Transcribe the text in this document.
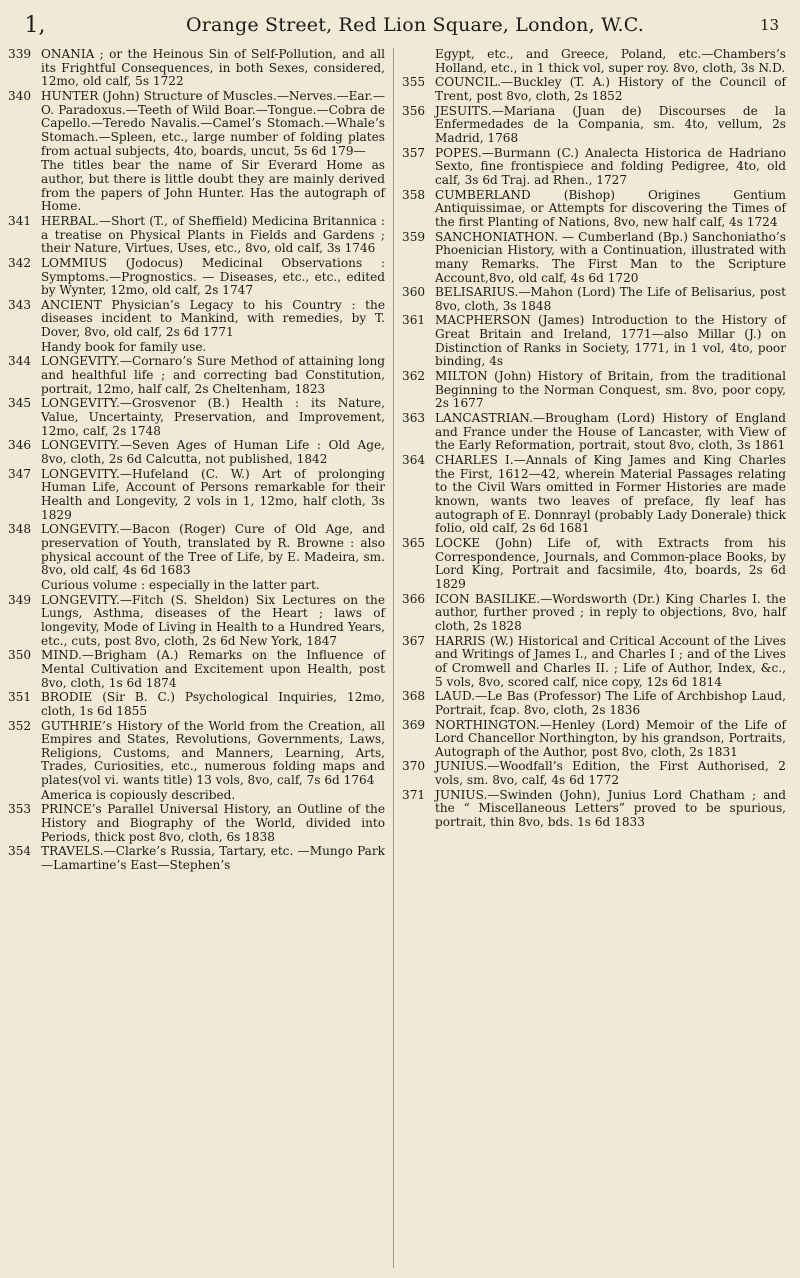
1,	Orange Street, Red Lion Square, London, W.C.	13
339 ONANIA ; or the Heinous Sin of Self-Pollution, and all its Frightful Consequences, in both Sexes, considered, 12mo, old calf, 5s 1722
340 HUNTER (John) Structure of Muscles.—Nerves.—Ear.—O. Paradoxus.—Teeth of Wild Boar.—Tongue.—Cobra de Capello.—Teredo Navalis.—Camel’s Stomach.—Whale’s Stomach.—Spleen, etc., large number of folding plates from actual subjects, 4to, boards, uncut, 5s 6d 179—
The titles bear the name of Sir Everard Home as author, but there is little doubt they are mainly derived from the papers of John Hunter. Has the autograph of Home.
341 HERBAL.—Short (T., of Sheffield) Medicina Britannica : a treatise on Physical Plants in Fields and Gardens ; their Nature, Virtues, Uses, etc., 8vo, old calf, 3s 1746
342 LOMMIUS (Jodocus) Medicinal Observations : Symptoms.—Prognostics. — Diseases, etc., etc., edited by Wynter, 12mo, old calf, 2s 1747
343 ANCIENT Physician’s Legacy to his Country : the diseases incident to Mankind, with remedies, by T. Dover, 8vo, old calf, 2s 6d 1771
Handy book for family use.
344 LONGEVITY.—Cornaro’s Sure Method of attaining long and healthful life ; and correcting bad Constitution, portrait, 12mo, half calf, 2s Cheltenham, 1823
345 LONGEVITY.—Grosvenor (B.) Health : its Nature, Value, Uncertainty, Preservation, and Improvement, 12mo, calf, 2s 1748
346 LONGEVITY.—Seven Ages of Human Life : Old Age, 8vo, cloth, 2s 6d Calcutta, not published, 1842
347 LONGEVITY.—Hufeland (C. W.) Art of prolonging Human Life, Account of Persons remarkable for their Health and Longevity, 2 vols in 1, 12mo, half cloth, 3s 1829
348 LONGEVITY.—Bacon (Roger) Cure of Old Age, and preservation of Youth, translated by R. Browne : also physical account of the Tree of Life, by E. Madeira, sm. 8vo, old calf, 4s 6d 1683
Curious volume : especially in the latter part.
349 LONGEVITY.—Fitch (S. Sheldon) Six Lectures on the Lungs, Asthma, diseases of the Heart ; laws of longevity, Mode of Living in Health to a Hundred Years, etc., cuts, post 8vo, cloth, 2s 6d New York, 1847
350 MIND.—Brigham (A.) Remarks on the Influence of Mental Cultivation and Excitement upon Health, post 8vo, cloth, 1s 6d 1874
351 BRODIE (Sir B. C.) Psychological Inquiries, 12mo, cloth, 1s 6d 1855
352 GUTHRIE’s History of the World from the Creation, all Empires and States, Revolutions, Governments, Laws, Religions, Customs, and Manners, Learning, Arts, Trades, Curiosities, etc., numerous folding maps and plates(vol vi. wants title) 13 vols, 8vo, calf, 7s 6d 1764
America is copiously described.
353 PRINCE’s Parallel Universal History, an Outline of the History and Biography of the World, divided into Periods, thick post 8vo, cloth, 6s 1838
354 TRAVELS.—Clarke’s Russia, Tartary, etc. —Mungo Park—Lamartine’s East—Stephen’s
Egypt, etc., and Greece, Poland, etc.—Chambers’s Holland, etc., in 1 thick vol, super roy. 8vo, cloth, 3s N.D.
355 COUNCIL.—Buckley (T. A.) History of the Council of Trent, post 8vo, cloth, 2s 1852
356 JESUITS.—Mariana (Juan de) Discourses de la Enfermedades de la Compania, sm. 4to, vellum, 2s Madrid, 1768
357 POPES.—Burmann (C.) Analecta Historica de Hadriano Sexto, fine frontispiece and folding Pedigree, 4to, old calf, 3s 6d Traj. ad Rhen., 1727
358 CUMBERLAND (Bishop) Origines Gentium Antiquissimae, or Attempts for discovering the Times of the first Planting of Nations, 8vo, new half calf, 4s 1724
359 SANCHONIATHON. — Cumberland (Bp.) Sanchoniatho’s Phoenician History, with a Continuation, illustrated with many Remarks. The First Man to the Scripture Account,8vo, old calf, 4s 6d 1720
360 BELISARIUS.—Mahon (Lord) The Life of Belisarius, post 8vo, cloth, 3s 1848
361 MACPHERSON (James) Introduction to the History of Great Britain and Ireland, 1771—also Millar (J.) on Distinction of Ranks in Society, 1771, in 1 vol, 4to, poor binding, 4s
362 MILTON (John) History of Britain, from the traditional Beginning to the Norman Conquest, sm. 8vo, poor copy, 2s 1677
363 LANCASTRIAN.—Brougham (Lord) History of England and France under the House of Lancaster, with View of the Early Reformation, portrait, stout 8vo, cloth, 3s 1861
364 CHARLES I.—Annals of King James and King Charles the First, 1612—42, wherein Material Passages relating to the Civil Wars omitted in Former Histories are made known, wants two leaves of preface, fly leaf has autograph of E. Donnrayl (probably Lady Donerale) thick folio, old calf, 2s 6d 1681
365 LOCKE (John) Life of, with Extracts from his Correspondence, Journals, and Common-place Books, by Lord King, Portrait and facsimile, 4to, boards, 2s 6d 1829
366 ICON BASILIKE.—Wordsworth (Dr.) King Charles I. the author, further proved ; in reply to objections, 8vo, half cloth, 2s 1828
367 HARRIS (W.) Historical and Critical Account of the Lives and Writings of James I., and Charles I ; and of the Lives of Cromwell and Charles II. ; Life of Author, Index, &c., 5 vols, 8vo, scored calf, nice copy, 12s 6d 1814
368 LAUD.—Le Bas (Professor) The Life of Archbishop Laud, Portrait, fcap. 8vo, cloth, 2s 1836
369 NORTHINGTON.—Henley (Lord) Memoir of the Life of Lord Chancellor Northington, by his grandson, Portraits, Autograph of the Author, post 8vo, cloth, 2s 1831
370 JUNIUS.—Woodfall’s Edition, the First Authorised, 2 vols, sm. 8vo, calf, 4s 6d 1772
371 JUNIUS.—Swinden (John), Junius Lord Chatham ; and the “ Miscellaneous Letters” proved to be spurious, portrait, thin 8vo, bds. 1s 6d 1833
